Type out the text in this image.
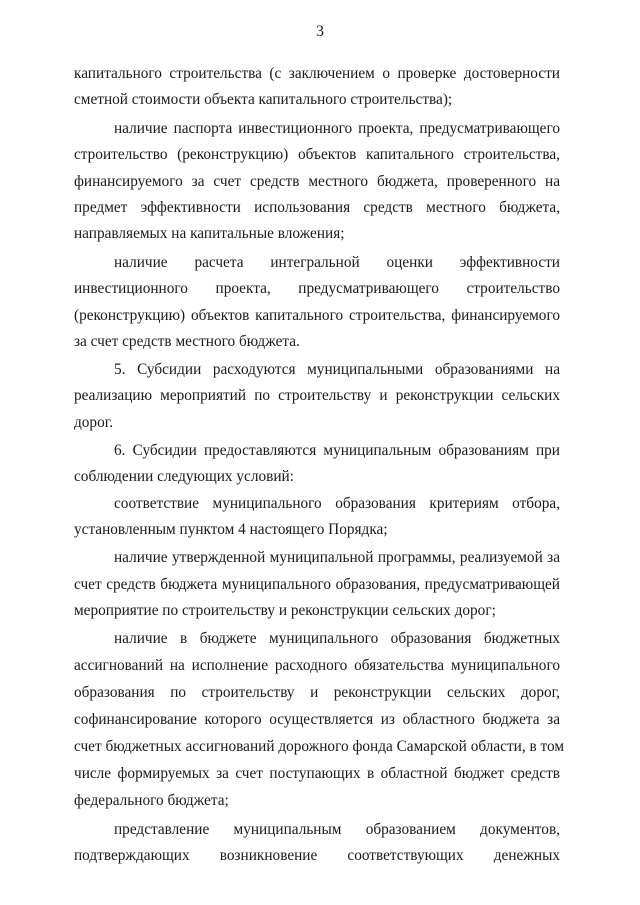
3
капитального строительства (с заключением о проверке достоверности
сметной стоимости объекта капитального строительства);
наличие паспорта инвестиционного проекта, предусматривающего
строительство (реконструкцию) объектов капитального строительства,
финансируемого за счет средств местного бюджета, проверенного на
предмет эффективности использования средств местного бюджета,
направляемых на капитальные вложения;
наличие расчета интегральной оценки эффективности
инвестиционного проекта, предусматривающего строительство
(реконструкцию) объектов капитального строительства, финансируемого
за счет средств местного бюджета.
5. Субсидии расходуются муниципальными образованиями на
реализацию мероприятий по строительству и реконструкции сельских
дорог.
6. Субсидии предоставляются муниципальным образованиям при
соблюдении следующих условий:
соответствие муниципального образования критериям отбора,
установленным пунктом 4 настоящего Порядка;
наличие утвержденной муниципальной программы, реализуемой за
счет средств бюджета муниципального образования, предусматривающей
мероприятие по строительству и реконструкции сельских дорог;
наличие в бюджете муниципального образования бюджетных
ассигнований на исполнение расходного обязательства муниципального
образования по строительству и реконструкции сельских дорог,
софинансирование которого осуществляется из областного бюджета за
счет бюджетных ассигнований дорожного фонда Самарской области, в том
числе формируемых за счет поступающих в областной бюджет средств
федерального бюджета;
представление муниципальным образованием документов,
подтверждающих возникновение соответствующих денежных
